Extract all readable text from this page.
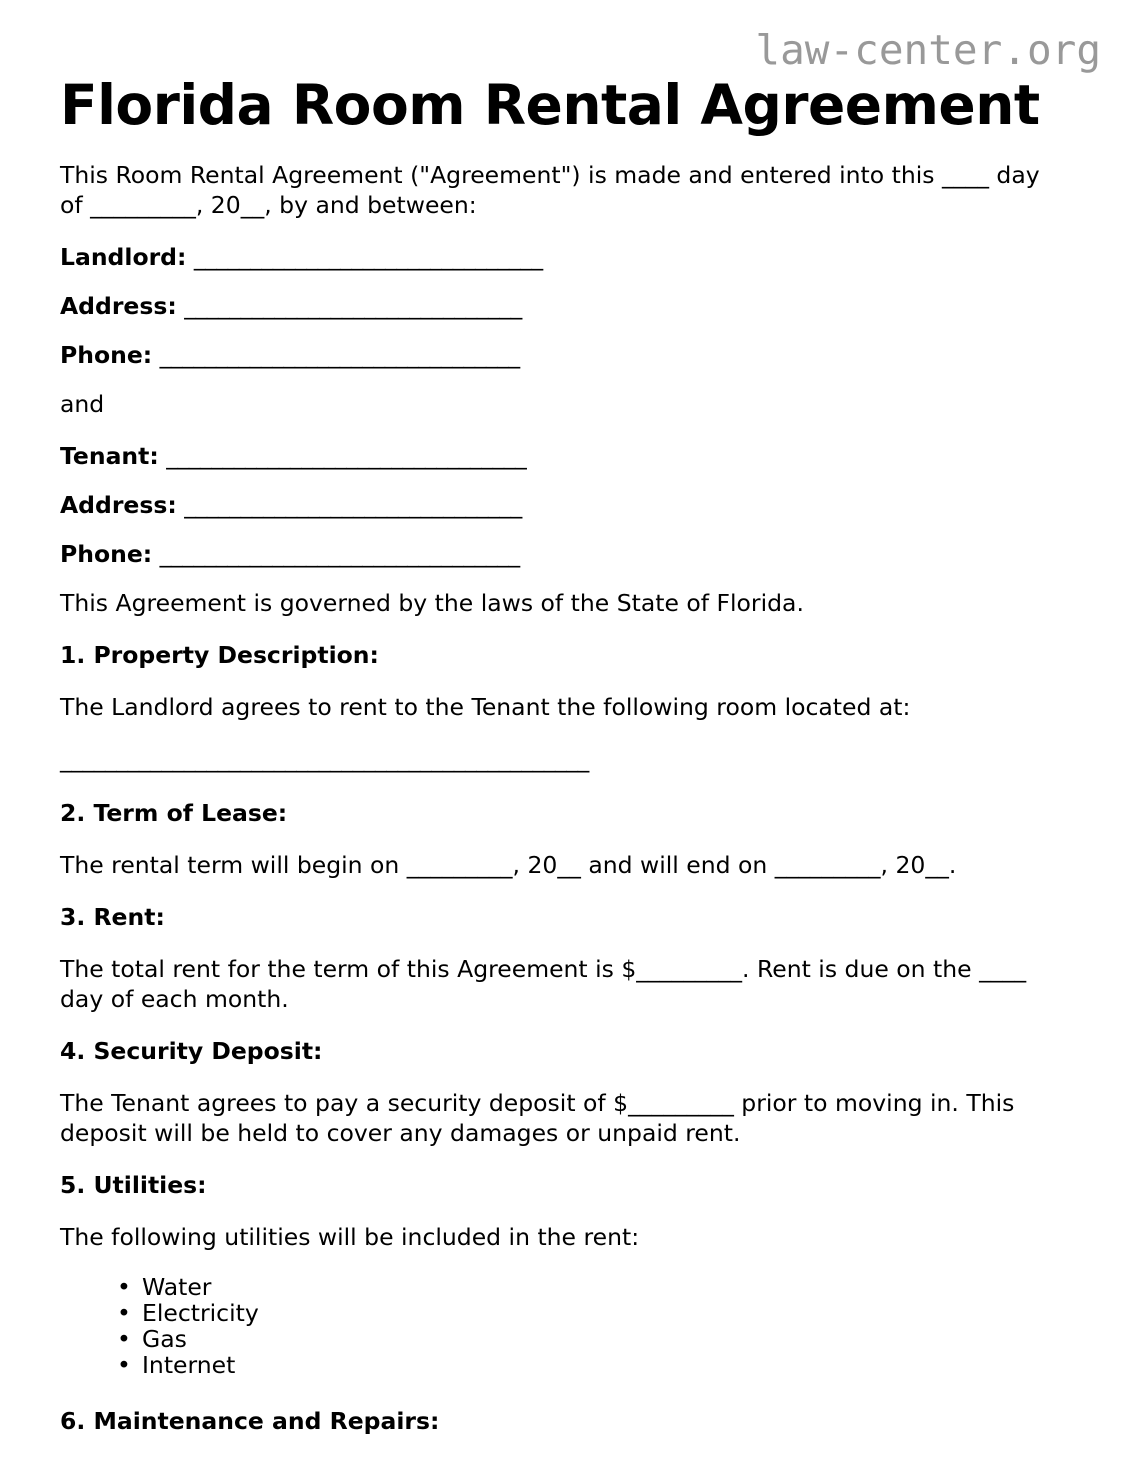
law-center.org
Florida Room Rental Agreement

This Room Rental Agreement ("Agreement") is made and entered into this ____ day of _________, 20__, by and between:

Landlord: _______________________________
Address: ______________________________
Phone: ________________________________

and

Tenant: ________________________________
Address: ______________________________
Phone: ________________________________

This Agreement is governed by the laws of the State of Florida.

1. Property Description:

The Landlord agrees to rent to the Tenant the following room located at:

_______________________________________________
2. Term of Lease:

The rental term will begin on _________, 20__ and will end on _________, 20__.

3. Rent:

The total rent for the term of this Agreement is $_________. Rent is due on the ____ day of each month.

4. Security Deposit:

The Tenant agrees to pay a security deposit of $_________ prior to moving in. This deposit will be held to cover any damages or unpaid rent.

5. Utilities:

The following utilities will be included in the rent:

• Water
• Electricity
• Gas
• Internet
6. Maintenance and Repairs:
